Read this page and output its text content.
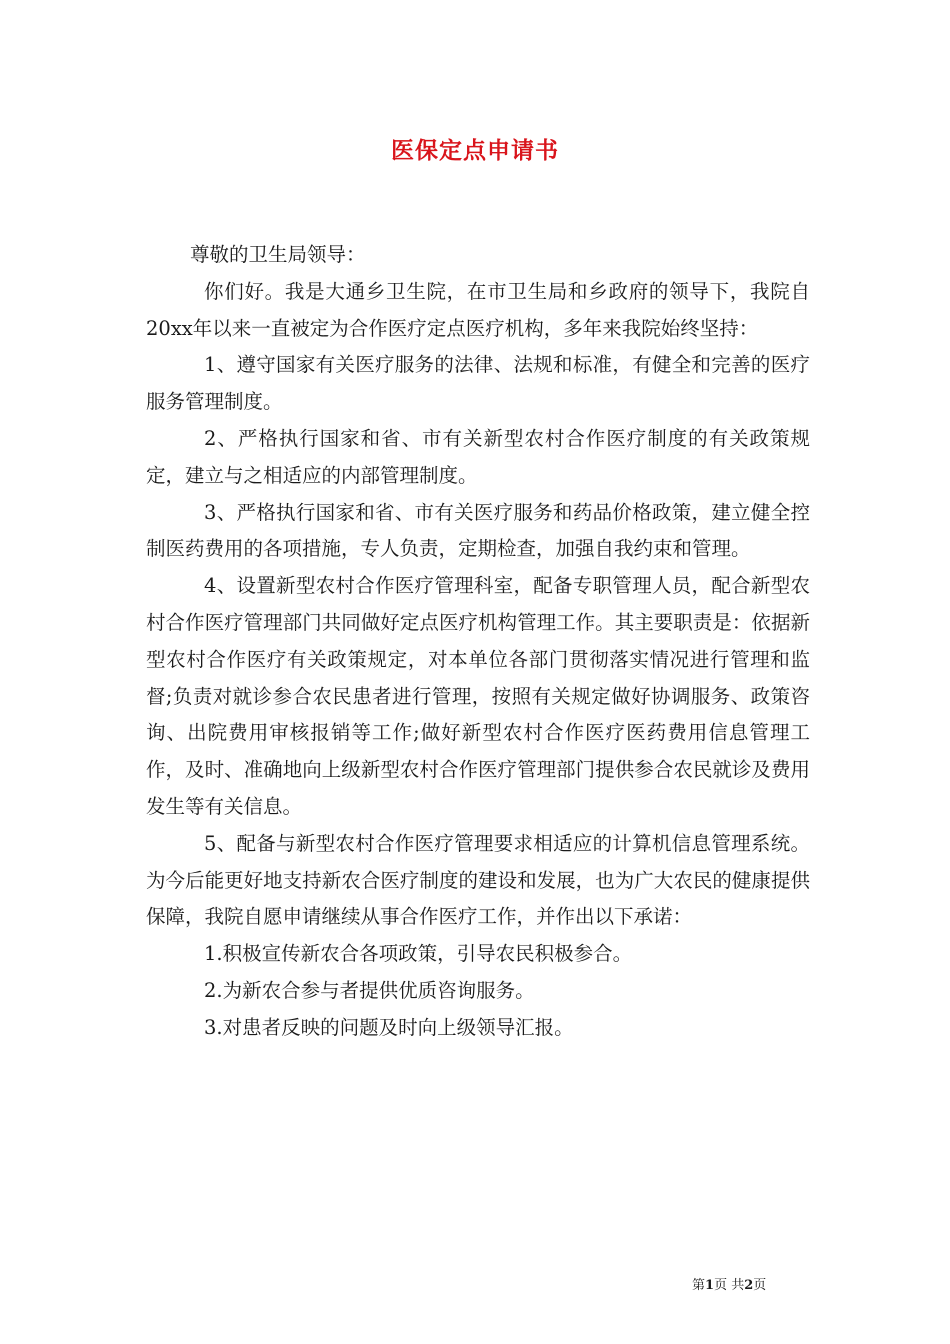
医保定点申请书

尊敬的卫生局领导：

你们好。我是大通乡卫生院，在市卫生局和乡政府的领导下，我院自20xx年以来一直被定为合作医疗定点医疗机构，多年来我院始终坚持：

1、遵守国家有关医疗服务的法律、法规和标准，有健全和完善的医疗服务管理制度。

2、严格执行国家和省、市有关新型农村合作医疗制度的有关政策规定，建立与之相适应的内部管理制度。

3、严格执行国家和省、市有关医疗服务和药品价格政策，建立健全控制医药费用的各项措施，专人负责，定期检查，加强自我约束和管理。

4、设置新型农村合作医疗管理科室，配备专职管理人员，配合新型农村合作医疗管理部门共同做好定点医疗机构管理工作。其主要职责是：依据新型农村合作医疗有关政策规定，对本单位各部门贯彻落实情况进行管理和监督;负责对就诊参合农民患者进行管理，按照有关规定做好协调服务、政策咨询、出院费用审核报销等工作;做好新型农村合作医疗医药费用信息管理工作，及时、准确地向上级新型农村合作医疗管理部门提供参合农民就诊及费用发生等有关信息。

5、配备与新型农村合作医疗管理要求相适应的计算机信息管理系统。为今后能更好地支持新农合医疗制度的建设和发展，也为广大农民的健康提供保障，我院自愿申请继续从事合作医疗工作，并作出以下承诺：

1.积极宣传新农合各项政策，引导农民积极参合。

2.为新农合参与者提供优质咨询服务。

3.对患者反映的问题及时向上级领导汇报。

第1页 共2页
